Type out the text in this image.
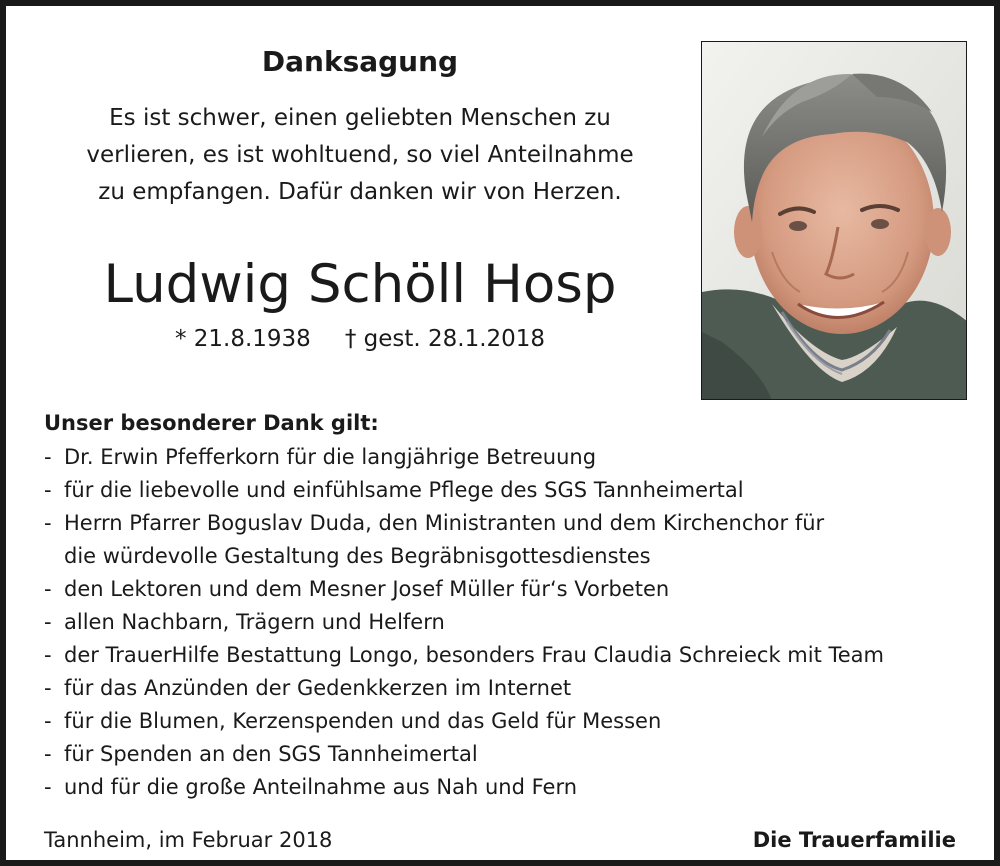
Danksagung
Es ist schwer, einen geliebten Menschen zu
verlieren, es ist wohltuend, so viel Anteilnahme
zu empfangen. Dafür danken wir von Herzen.
Ludwig Schöll Hosp
* 21.8.1938 † gest. 28.1.2018
Unser besonderer Dank gilt:
- Dr. Erwin Pfefferkorn für die langjährige Betreuung
- für die liebevolle und einfühlsame Pflege des SGS Tannheimertal
- Herrn Pfarrer Boguslav Duda, den Ministranten und dem Kirchenchor für
die würdevolle Gestaltung des Begräbnisgottesdienstes
- den Lektoren und dem Mesner Josef Müller für‘s Vorbeten
- allen Nachbarn, Trägern und Helfern
- der TrauerHilfe Bestattung Longo, besonders Frau Claudia Schreieck mit Team
- für das Anzünden der Gedenkkerzen im Internet
- für die Blumen, Kerzenspenden und das Geld für Messen
- für Spenden an den SGS Tannheimertal
- und für die große Anteilnahme aus Nah und Fern
Tannheim, im Februar 2018	Die Trauerfamilie
